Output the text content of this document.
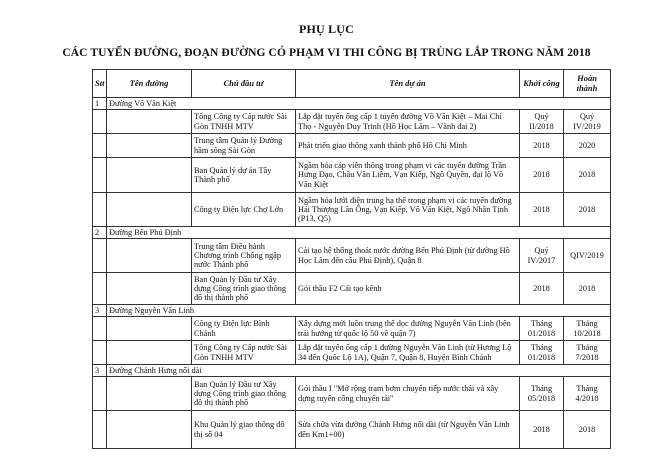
PHỤ LỤC
CÁC TUYẾN ĐƯỜNG, ĐOẠN ĐƯỜNG CÓ PHẠM VI THI CÔNG BỊ TRÙNG LẮP TRONG NĂM 2018
Stt	Tên đường	Chủ đầu tư	Tên dự án	Khởi công	Hoàn thành
1	Đường Võ Văn Kiệt				
		Tổng Công ty Cấp nước Sài Gòn TNHH MTV	Lắp đặt tuyến ống cấp 1 tuyến đường Võ Văn Kiệt – Mai Chí Thọ - Nguyễn Duy Trinh (Hồ Học Lãm – Vành đai 2)	Quý II/2018	Quý IV/2019
		Trung tâm Quản lý Đường hầm sông Sài Gòn	Phát triển giao thông xanh thành phố Hồ Chí Minh	2018	2020
		Ban Quản lý dự án Tây Thành phố	Ngầm hóa cáp viễn thông trong phạm vi các tuyến đường Trần Hưng Đạo, Châu Văn Liêm, Vạn Kiếp, Ngô Quyền, đại lộ Võ Văn Kiệt	2018	2018
		Công ty Điện lực Chợ Lớn	Ngầm hóa lưới điện trung hạ thế trong phạm vi các tuyến đường Hải Thượng Lãn Ông, Vạn Kiếp, Võ Văn Kiệt, Ngô Nhân Tịnh (P13, Q5)	2018	2018
2	Đường Bến Phú Định				
		Trung tâm Điều hành Chương trình Chống ngập nước Thành phố	Cải tạo hệ thống thoát nước đường Bến Phú Định (từ đường Hồ Học Lãm đến cầu Phú Định), Quận 8	Quý IV/2017	QIV/2019
		Ban Quản lý Đầu tư Xây dựng Công trình giao thông đô thị thành phố	Gói thầu F2 Cải tạo kênh	2018	2018
3	Đường Nguyễn Văn Linh				
		Công ty Điện lực Bình Chánh	Xây dựng mới luồn trung thế dọc đường Nguyễn Văn Linh (bên trái hướng từ quốc lộ 50 về quận 7)	Tháng 01/2018	Tháng 10/2018
		Tổng Công ty Cấp nước Sài Gòn TNHH MTV	Lắp đặt tuyến ống cấp 1 đường Nguyễn Văn Linh (từ Hương Lộ 34 đến Quốc Lộ 1A), Quận 7, Quận 8, Huyện Bình Chánh	Tháng 01/2018	Tháng 7/2018
3	Đường Chánh Hưng nối dài				
		Ban Quản lý Đầu tư Xây dựng Công trình giao thông đô thị thành phố	Gói thầu I "Mở rộng trạm bơm chuyển tiếp nước thải và xây dựng tuyến cống chuyển tải"	Tháng 05/2018	Tháng 4/2018
		Khu Quản lý giao thông đô thị số 04	Sửa chữa vừa đường Chánh Hưng nối dài (từ Nguyễn Văn Linh đến Km1+00)	2018	2018
